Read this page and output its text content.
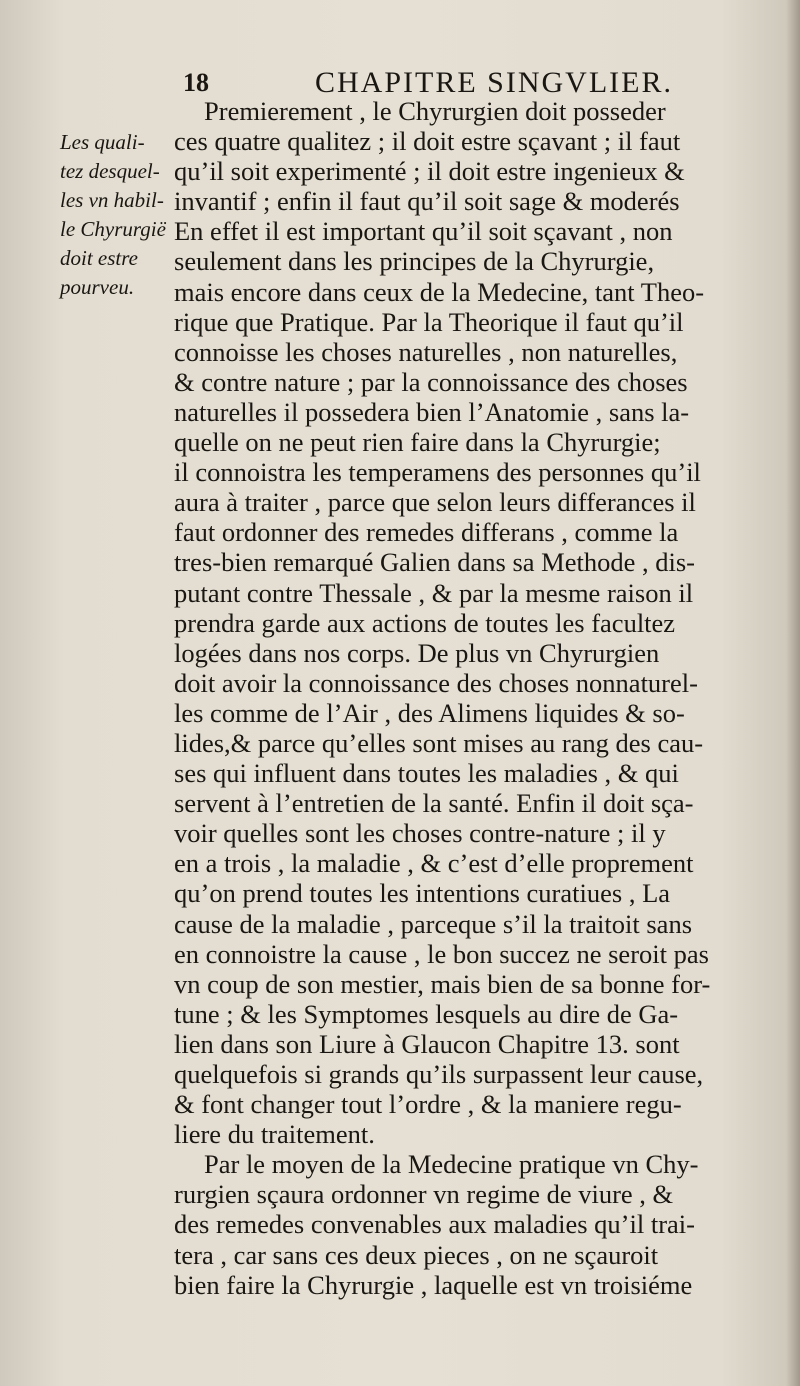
18	CHAPITRE SINGVLIER.
Les quali-
tez desquel-
les vn habil-
le Chyrurgië
doit estre
pourveu.
Premierement , le Chyrurgien doit posseder
ces quatre qualitez ; il doit estre sçavant ; il faut
qu’il soit experimenté ; il doit estre ingenieux &
invantif ; enfin il faut qu’il soit sage & moderés
En effet il est important qu’il soit sçavant , non
seulement dans les principes de la Chyrurgie,
mais encore dans ceux de la Medecine, tant Theo-
rique que Pratique. Par la Theorique il faut qu’il
connoisse les choses naturelles , non naturelles,
& contre nature ; par la connoissance des choses
naturelles il possedera bien l’Anatomie , sans la-
quelle on ne peut rien faire dans la Chyrurgie;
il connoistra les temperamens des personnes qu’il
aura à traiter , parce que selon leurs differances il
faut ordonner des remedes differans , comme la
tres-bien remarqué Galien dans sa Methode , dis-
putant contre Thessale , & par la mesme raison il
prendra garde aux actions de toutes les facultez
logées dans nos corps. De plus vn Chyrurgien
doit avoir la connoissance des choses nonnaturel-
les comme de l’Air , des Alimens liquides & so-
lides,& parce qu’elles sont mises au rang des cau-
ses qui influent dans toutes les maladies , & qui
servent à l’entretien de la santé. Enfin il doit sça-
voir quelles sont les choses contre-nature ; il y
en a trois , la maladie , & c’est d’elle proprement
qu’on prend toutes les intentions curatiues , La
cause de la maladie , parceque s’il la traitoit sans
en connoistre la cause , le bon succez ne seroit pas
vn coup de son mestier, mais bien de sa bonne for-
tune ; & les Symptomes lesquels au dire de Ga-
lien dans son Liure à Glaucon Chapitre 13. sont
quelquefois si grands qu’ils surpassent leur cause,
& font changer tout l’ordre , & la maniere regu-
liere du traitement.
Par le moyen de la Medecine pratique vn Chy-
rurgien sçaura ordonner vn regime de viure , &
des remedes convenables aux maladies qu’il trai-
tera , car sans ces deux pieces , on ne sçauroit
bien faire la Chyrurgie , laquelle est vn troisiéme
